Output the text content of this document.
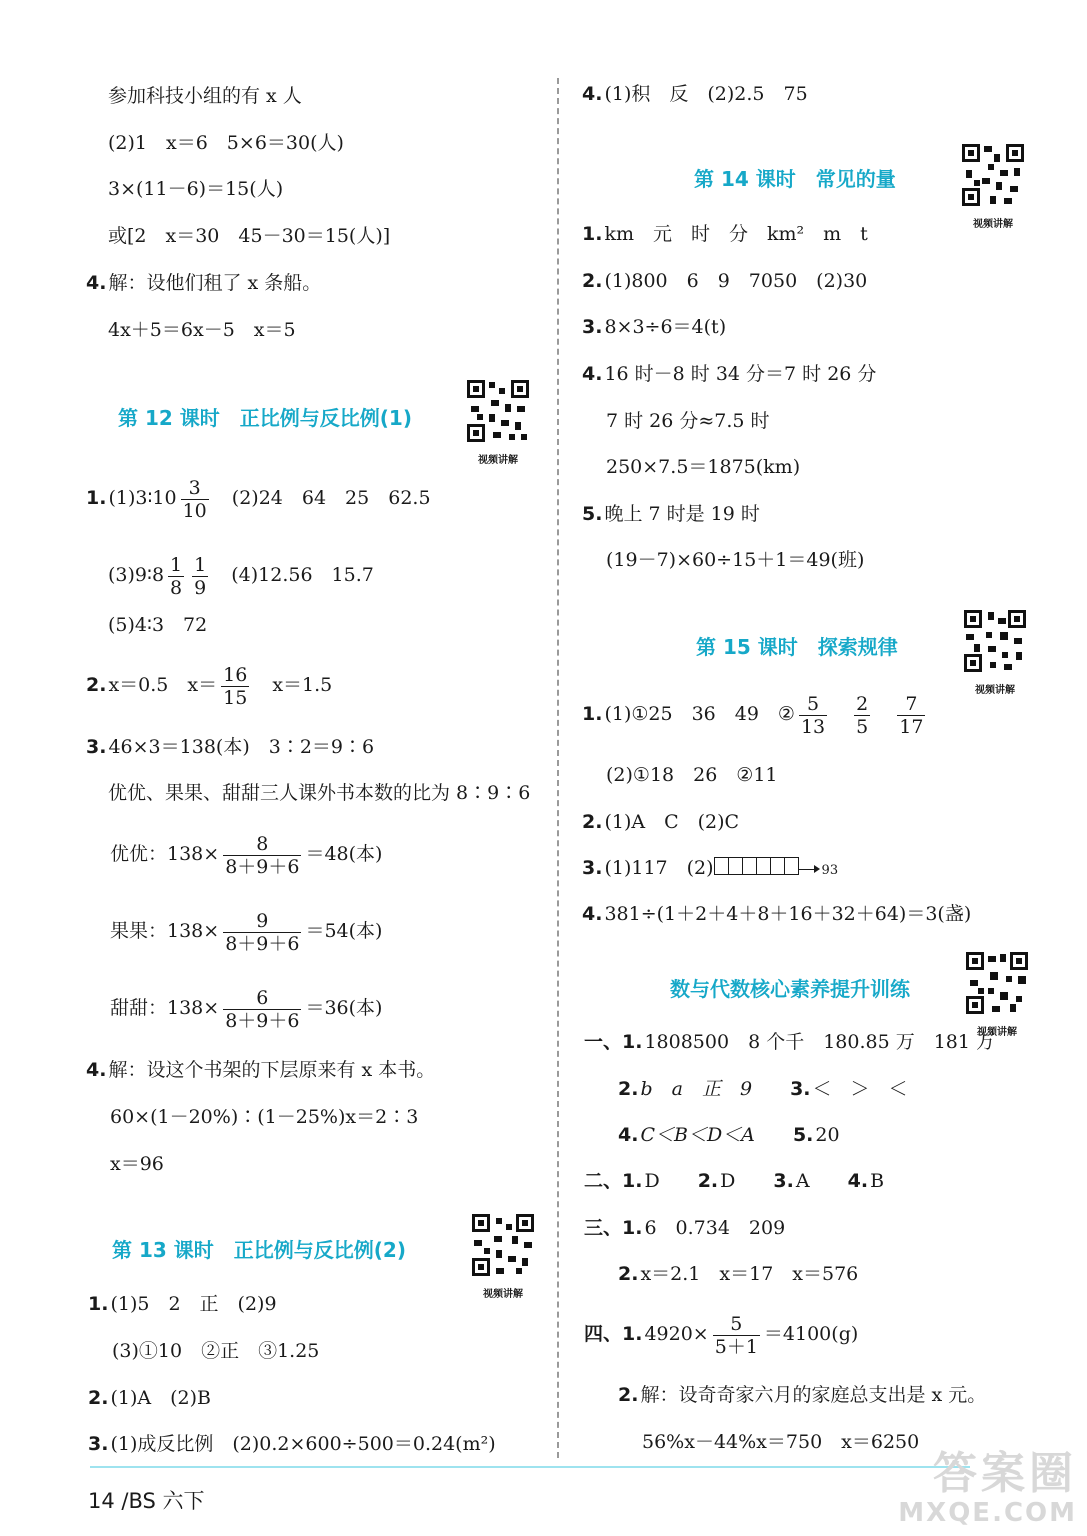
参加科技小组的有 x 人
(2)1　x＝6　5×6＝30(人)
3×(11－6)＝15(人)
或[2　x＝30　45－30＝15(人)]
4. 解：设他们租了 x 条船。
4x＋5＝6x－5　x＝5
第 12 课时　正比例与反比例(1)
视频讲解
1. (1)3∶10 $\frac{3}{10}$
　 (2)24　64　25　62.5
(3)9∶8 $\frac{1}{8} \frac{1}{9}$
　 (4)12.56　15.7
(5)4∶3　72
2. x＝0.5　$x= \frac{16}{15}$
　 x＝1.5
3. 46×3＝138(本)　3∶2＝9∶6
优优、果果、甜甜三人课外书本数的比为 8∶9∶6
优优：$138\times \frac{8}{8+9+6} =48$(本)
果果：$138\times \frac{9}{8+9+6} =54$(本)
甜甜：$138\times \frac{6}{8+9+6} =36$(本)
4. 解：设这个书架的下层原来有 x 本书。
60×(1－20%)∶(1－25%)x＝2∶3
x＝96
第 13 课时　正比例与反比例(2)
视频讲解
1. (1)5　2　正　(2)9
(3)①10　②正　③1.25
2. (1)A　(2)B
3. (1)成反比例　(2)0.2×600÷500＝0.24(m²)
4. (1)积　反　(2)2.5　75
第 14 课时　常见的量
视频讲解
1. km　元　时　分　km²　m　t
2. (1)800　6　9　7050　(2)30
3. 8×3÷6＝4(t)
4. 16 时－8 时 34 分＝7 时 26 分
7 时 26 分≈7.5 时
250×7.5＝1875(km)
5. 晚上 7 时是 19 时
(19－7)×60÷15＋1＝49(班)
第 15 课时　探索规律
视频讲解
1. (1)①25　36　49　② $\frac{5}{13}$
　 $\frac{2}{5}$
　 $\frac{7}{17}$
(2)①18　26　②11
2. (1)A　C　(2)C
3. (1)117　(2)	93
4. 381÷(1＋2＋4＋8＋16＋32＋64)＝3(盏)
数与代数核心素养提升训练
视频讲解
一、1. 1808500　8 个千　180.85 万　181 万
2. b　a　正　9　　 3. ＜　＞　＜
4. C＜B＜D＜A　　 5. 20
二、1. D　　 2. D　　 3. A　　 4. B
三、1. 6　0.734　209
2. x＝2.1　x＝17　x＝576
四、1. $4920\times \frac{5}{5+1} =4100(g)$
2. 解：设奇奇家六月的家庭总支出是 x 元。
56%x－44%x＝750　x＝6250
14 /BS 六下
答案圈
MXQE.COM
